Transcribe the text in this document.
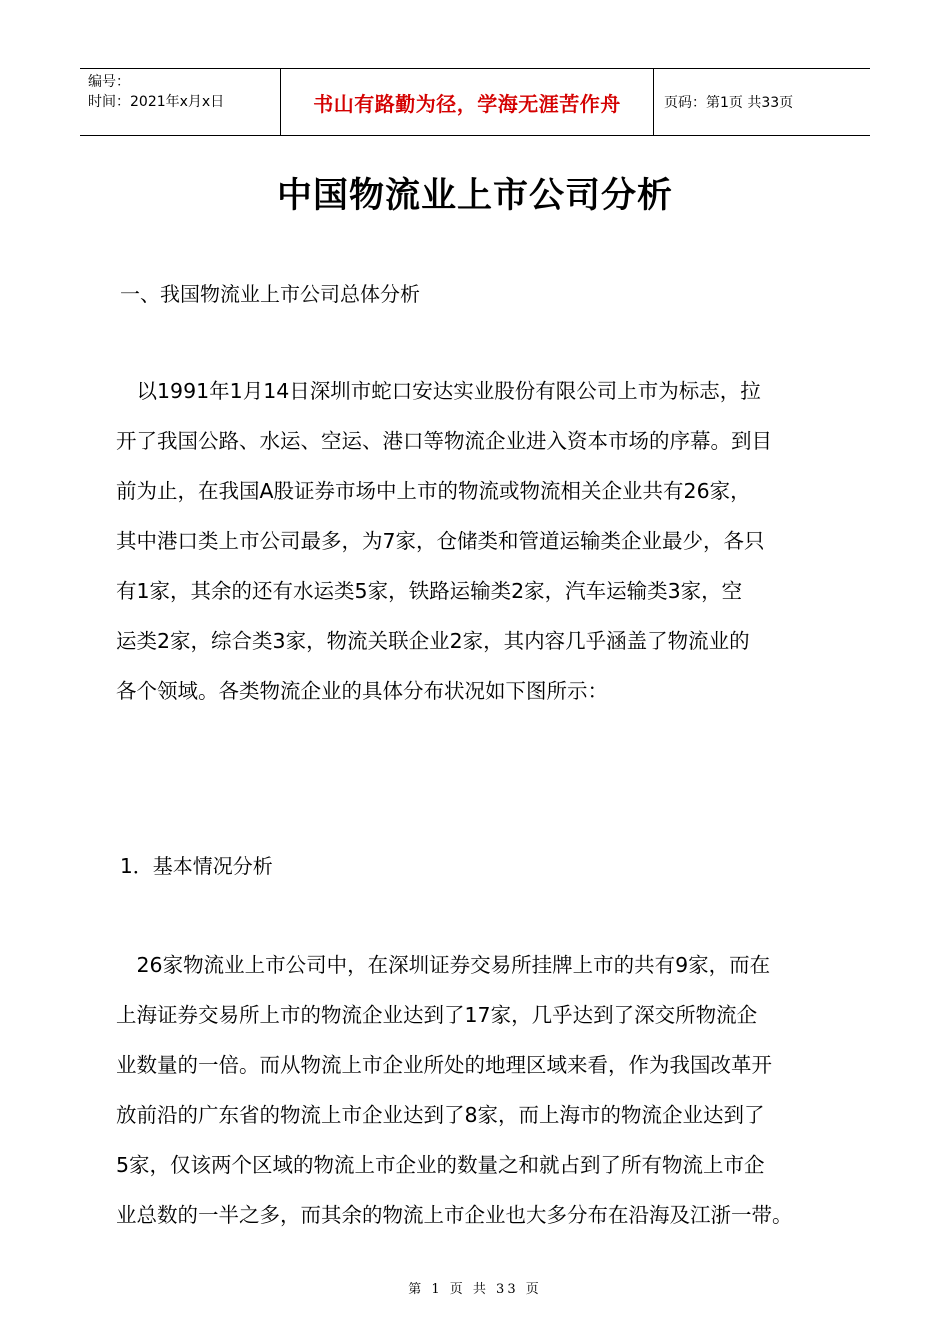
编号：
时间：2021年x月x日	书山有路勤为径，学海无涯苦作舟	页码：第1页 共33页
中国物流业上市公司分析
一、我国物流业上市公司总体分析
　以1991年1月14日深圳市蛇口安达实业股份有限公司上市为标志，拉
开了我国公路、水运、空运、港口等物流企业进入资本市场的序幕。到目
前为止，在我国A股证券市场中上市的物流或物流相关企业共有26家，
其中港口类上市公司最多，为7家，仓储类和管道运输类企业最少，各只
有1家，其余的还有水运类5家，铁路运输类2家，汽车运输类3家，空
运类2家，综合类3家，物流关联企业2家，其内容几乎涵盖了物流业的
各个领域。各类物流企业的具体分布状况如下图所示：
1．基本情况分析
　26家物流业上市公司中，在深圳证券交易所挂牌上市的共有9家，而在
上海证券交易所上市的物流企业达到了17家，几乎达到了深交所物流企
业数量的一倍。而从物流上市企业所处的地理区域来看，作为我国改革开
放前沿的广东省的物流上市企业达到了8家，而上海市的物流企业达到了
5家，仅该两个区域的物流上市企业的数量之和就占到了所有物流上市企
业总数的一半之多，而其余的物流上市企业也大多分布在沿海及江浙一带。
第 1 页 共 33 页
